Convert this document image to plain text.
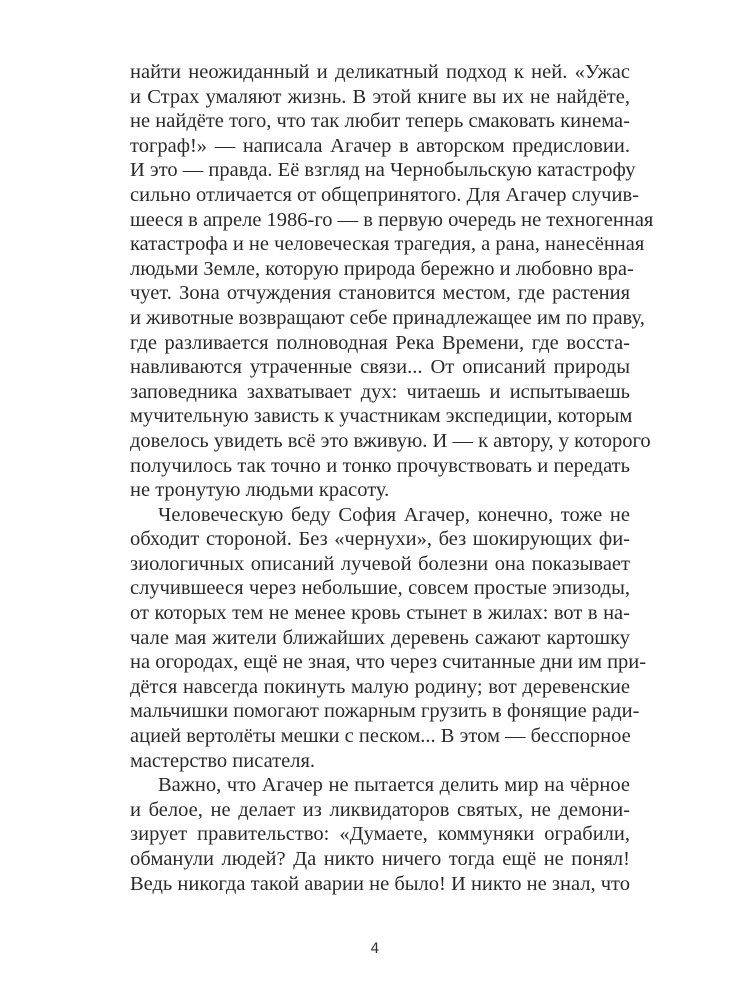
найти неожиданный и деликатный подход к ней. «Ужас
и Страх умаляют жизнь. В этой книге вы их не найдёте,
не найдёте того, что так любит теперь смаковать кинема-
тограф!» — написала Агачер в авторском предисловии.
И это — правда. Её взгляд на Чернобыльскую катастрофу
сильно отличается от общепринятого. Для Агачер случив-
шееся в апреле 1986-го — в первую очередь не техногенная
катастрофа и не человеческая трагедия, а рана, нанесённая
людьми Земле, которую природа бережно и любовно вра-
чует. Зона отчуждения становится местом, где растения
и животные возвращают себе принадлежащее им по праву,
где разливается полноводная Река Времени, где восста-
навливаются утраченные связи... От описаний природы
заповедника захватывает дух: читаешь и испытываешь
мучительную зависть к участникам экспедиции, которым
довелось увидеть всё это вживую. И — к автору, у которого
получилось так точно и тонко прочувствовать и передать
не тронутую людьми красоту.
Человеческую беду София Агачер, конечно, тоже не
обходит стороной. Без «чернухи», без шокирующих фи-
зиологичных описаний лучевой болезни она показывает
случившееся через небольшие, совсем простые эпизоды,
от которых тем не менее кровь стынет в жилах: вот в на-
чале мая жители ближайших деревень сажают картошку
на огородах, ещё не зная, что через считанные дни им при-
дётся навсегда покинуть малую родину; вот деревенские
мальчишки помогают пожарным грузить в фонящие ради-
ацией вертолёты мешки с песком... В этом — бесспорное
мастерство писателя.
Важно, что Агачер не пытается делить мир на чёрное
и белое, не делает из ликвидаторов святых, не демони-
зирует правительство: «Думаете, коммуняки ограбили,
обманули людей? Да никто ничего тогда ещё не понял!
Ведь никогда такой аварии не было! И никто не знал, что
4
